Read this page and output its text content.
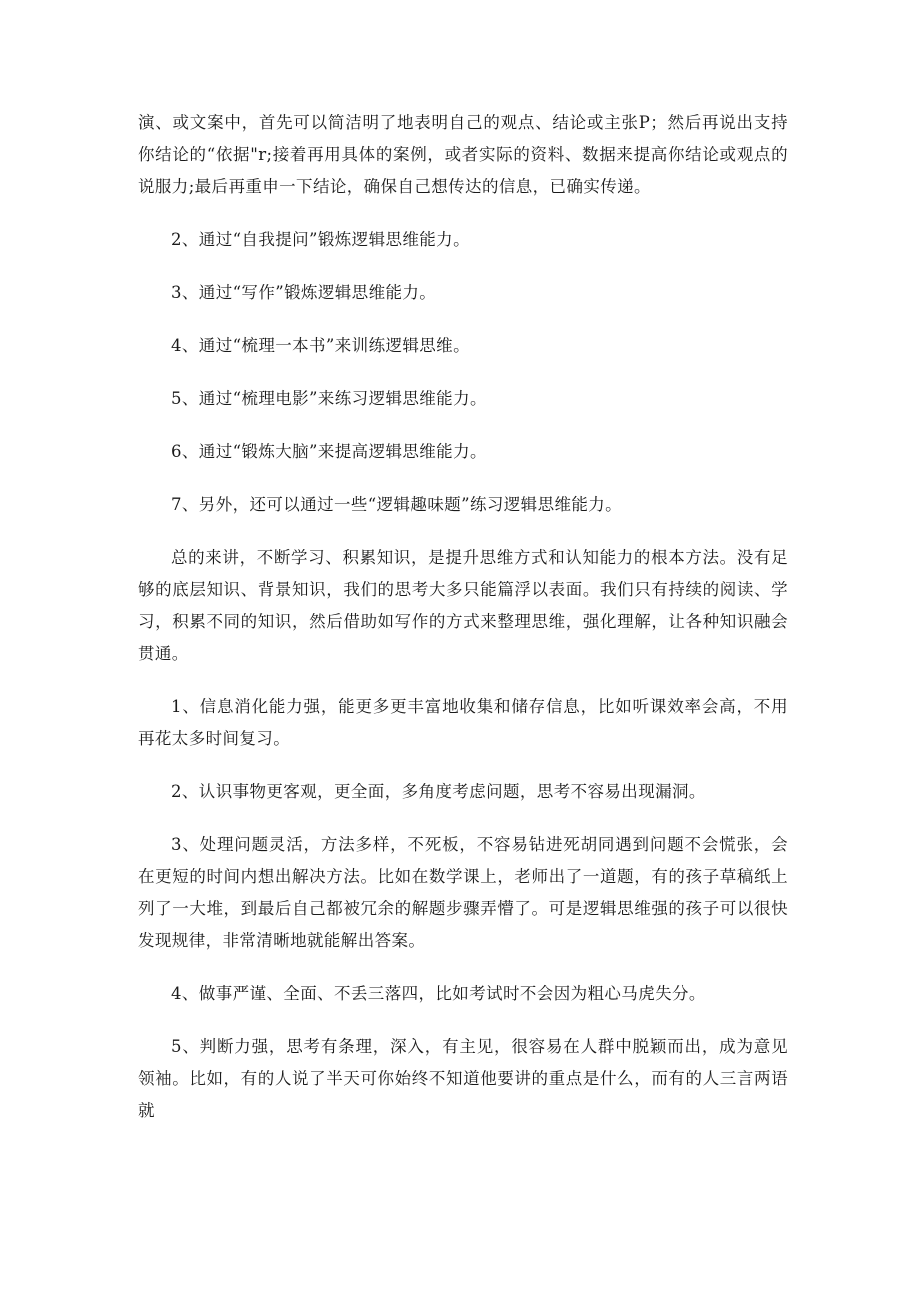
演、或文案中，首先可以简洁明了地表明自己的观点、结论或主张P；然后再说出支持你结论的“依据"r;接着再用具体的案例，或者实际的资料、数据来提高你结论或观点的说服力;最后再重申一下结论，确保自己想传达的信息，已确实传递。

2、通过“自我提问”锻炼逻辑思维能力。

3、通过“写作”锻炼逻辑思维能力。

4、通过“梳理一本书”来训练逻辑思维。

5、通过“梳理电影”来练习逻辑思维能力。

6、通过“锻炼大脑”来提高逻辑思维能力。

7、另外，还可以通过一些“逻辑趣味题”练习逻辑思维能力。

总的来讲，不断学习、积累知识，是提升思维方式和认知能力的根本方法。没有足够的底层知识、背景知识，我们的思考大多只能篇浮以表面。我们只有持续的阅读、学习，积累不同的知识，然后借助如写作的方式来整理思维，强化理解，让各种知识融会贯通。

1、信息消化能力强，能更多更丰富地收集和储存信息，比如听课效率会高，不用再花太多时间复习。

2、认识事物更客观，更全面，多角度考虑问题，思考不容易出现漏洞。

3、处理问题灵活，方法多样，不死板，不容易钻进死胡同遇到问题不会慌张，会在更短的时间内想出解决方法。比如在数学课上，老师出了一道题，有的孩子草稿纸上列了一大堆，到最后自己都被冗余的解题步骤弄懵了。可是逻辑思维强的孩子可以很快发现规律，非常清晰地就能解出答案。

4、做事严谨、全面、不丢三落四，比如考试时不会因为粗心马虎失分。

5、判断力强，思考有条理，深入，有主见，很容易在人群中脱颖而出，成为意见领袖。比如，有的人说了半天可你始终不知道他要讲的重点是什么，而有的人三言两语就
